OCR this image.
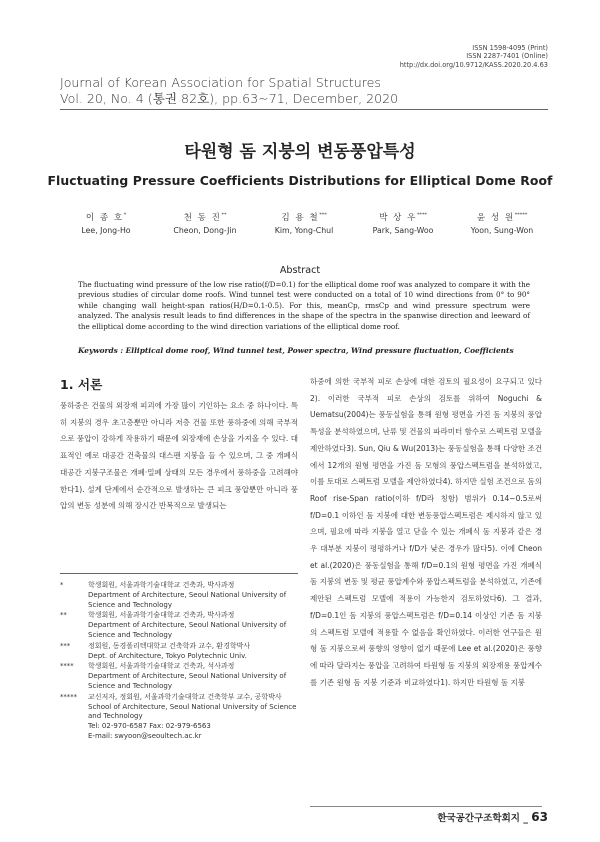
ISSN 1598-4095 (Print)
ISSN 2287-7401 (Online)
http://dx.doi.org/10.9712/KASS.2020.20.4.63
Journal of Korean Association for Spatial Structures
Vol. 20, No. 4 (통권 82호), pp.63~71, December, 2020
타원형 돔 지붕의 변동풍압특성
Fluctuating Pressure Coefficients Distributions for Elliptical Dome Roof
이 종 호*
Lee, Jong-Ho
천 동 진**
Cheon, Dong-Jin
김 용 철***
Kim, Yong-Chul
박 상 우****
Park, Sang-Woo
윤 성 원*****
Yoon, Sung-Won
Abstract
The fluctuating wind pressure of the low rise ratio(f/D=0.1) for the elliptical dome roof was analyzed to compare it with the previous studies of circular dome roofs. Wind tunnel test were conducted on a total of 10 wind directions from 0° to 90° while changing wall height-span ratios(H/D=0.1-0.5). For this, meanCp, rmsCp and wind pressure spectrum were analyzed. The analysis result leads to find differences in the shape of the spectra in the spanwise direction and leeward of the elliptical dome according to the wind direction variations of the elliptical dome roof.
Keywords : Elliptical dome roof, Wind tunnel test, Power spectra, Wind pressure fluctuation, Coefficients
1. 서론

풍하중은 건물의 외장재 피괴에 가장 많이 기인하는 요소 중 하나이다. 특히 지붕의 경우 초고층뿐만 아니라 저층 건물 또한 풍하중에 의해 국부적으로 풍압이 강하게 작용하기 때문에 외장재에 손상을 가져올 수 있다. 대표적인 예로 대공간 건축물의 대스팬 지붕을 들 수 있으며, 그 중 개폐식 대공간 지붕구조물은 개폐·밀폐 상태의 모든 경우에서 풍하중을 고려해야 한다1). 설계 단계에서 순간적으로 발생하는 큰 피크 풍압뿐만 아니라 풍압의 변동 성분에 의해 장시간 반복적으로 발생되는

하중에 의한 국부적 피로 손상에 대한 검토의 필요성이 요구되고 있다2). 이러한 국부적 피로 손상의 검토를 위하여 Noguchi & Uematsu(2004)는 풍동실험을 통해 원형 평면을 가진 돔 지붕의 풍압 특성을 분석하였으며, 난류 및 건물의 파라미터 함수로 스펙트럼 모델을 제안하였다3). Sun, Qiu & Wu(2013)는 풍동실험을 통해 다양한 조건에서 12개의 원형 평면을 가진 돔 모형의 풍압스펙트럼을 분석하였고, 이를 토대로 스펙트럼 모델을 제안하였다4). 하지만 실험 조건으로 돔의 Roof rise-Span ratio(이하 f/D라 칭함) 범위가 0.14~0.5로써 f/D=0.1 이하인 돔 지붕에 대한 변동풍압스펙트럼은 제시하지 않고 있으며, 필요에 따라 지붕을 열고 닫을 수 있는 개폐식 돔 지붕과 같은 경우 대부분 지붕이 평평하거나 f/D가 낮은 경우가 많다5). 이에 Cheon et al.(2020)은 풍동실험을 통해 f/D=0.1의 원형 평면을 가진 개폐식 돔 지붕의 변동 및 평균 풍압계수와 풍압스펙트럼을 분석하였고, 기존에 제안된 스펙트럼 모델에 적용이 가능한지 검토하였다6). 그 결과, f/D=0.1인 돔 지붕의 풍압스펙트럼은 f/D=0.14 이상인 기존 돔 지붕의 스펙트럼 모델에 적용할 수 없음을 확인하였다. 이러한 연구들은 원형 돔 지붕으로써 풍향의 영향이 없기 때문에 Lee et al.(2020)은 풍향에 따라 달라지는 풍압을 고려하여 타원형 돔 지붕의 외장재용 풍압계수를 기존 원형 돔 지붕 기준과 비교하였다1). 하지만 타원형 돔 지붕

*	학생회원, 서울과학기술대학교 건축과, 박사과정
Department of Architecture, Seoul National University of Science and Technology
**	학생회원, 서울과학기술대학교 건축과, 박사과정
Department of Architecture, Seoul National University of Science and Technology
***	정회원, 동경폴리텍대학교 건축학과 교수, 환경학박사
Dept. of Architecture, Tokyo Polytechnic Univ.
****	학생회원, 서울과학기술대학교 건축과, 석사과정
Department of Architecture, Seoul National University of Science and Technology
*****	교신저자, 정회원, 서울과학기술대학교 건축학부 교수, 공학박사
School of Architecture, Seoul National University of Science and Technology
Tel: 02-970-6587 Fax: 02-979-6563
E-mail: swyoon@seoultech.ac.kr
한국공간구조학회지 _ 63
